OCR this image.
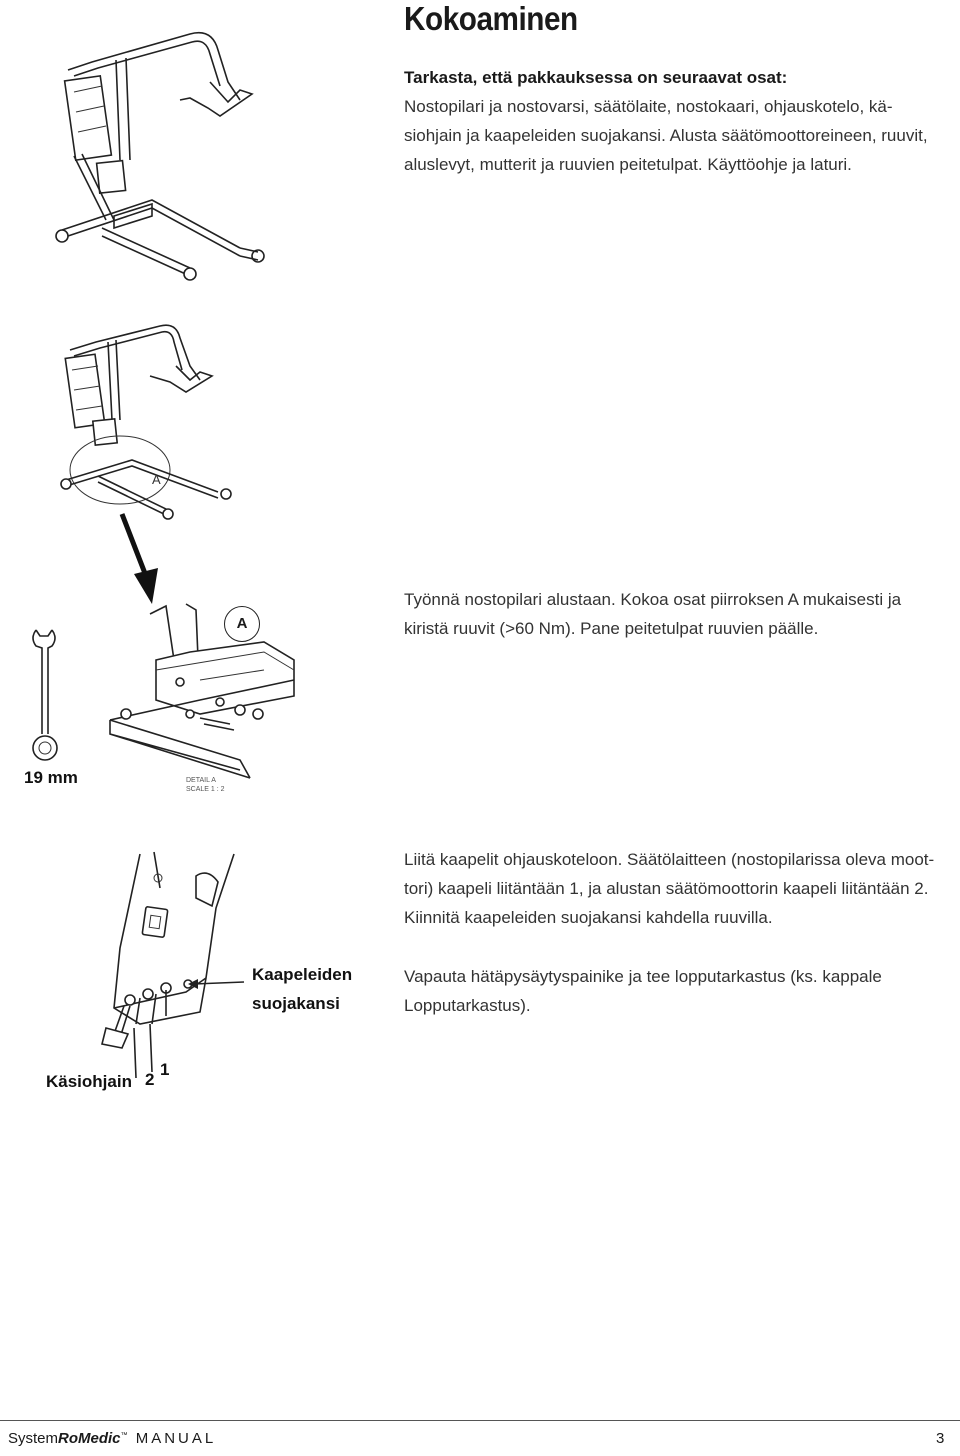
Kokoaminen
Tarkasta, että pakkauksessa on seuraavat osat:
Nostopilari ja nostovarsi, säätölaite, nostokaari, ohjauskotelo, kä-
siohjain ja kaapeleiden suojakansi. Alusta säätömoottoreineen, ruuvit,
aluslevyt, mutterit ja ruuvien peitetulpat. Käyttöohje ja laturi.
A
A
Työnnä nostopilari alustaan. Kokoa osat piirroksen A mukaisesti ja
kiristä ruuvit (>60 Nm). Pane peitetulpat ruuvien päälle.
19 mm	DETAIL A
SCALE 1 : 2
Kaapeleiden
suojakansi
Käsiohjain 2
1
Liitä kaapelit ohjauskoteloon. Säätölaitteen (nostopilarissa oleva moot-
tori) kaapeli liitäntään 1, ja alustan säätömoottorin kaapeli liitäntään 2.
Kiinnitä kaapeleiden suojakansi kahdella ruuvilla.
Vapauta hätäpysäytyspainike ja tee lopputarkastus (ks. kappale
Lopputarkastus).
SystemRoMedic™ MANUAL	3
